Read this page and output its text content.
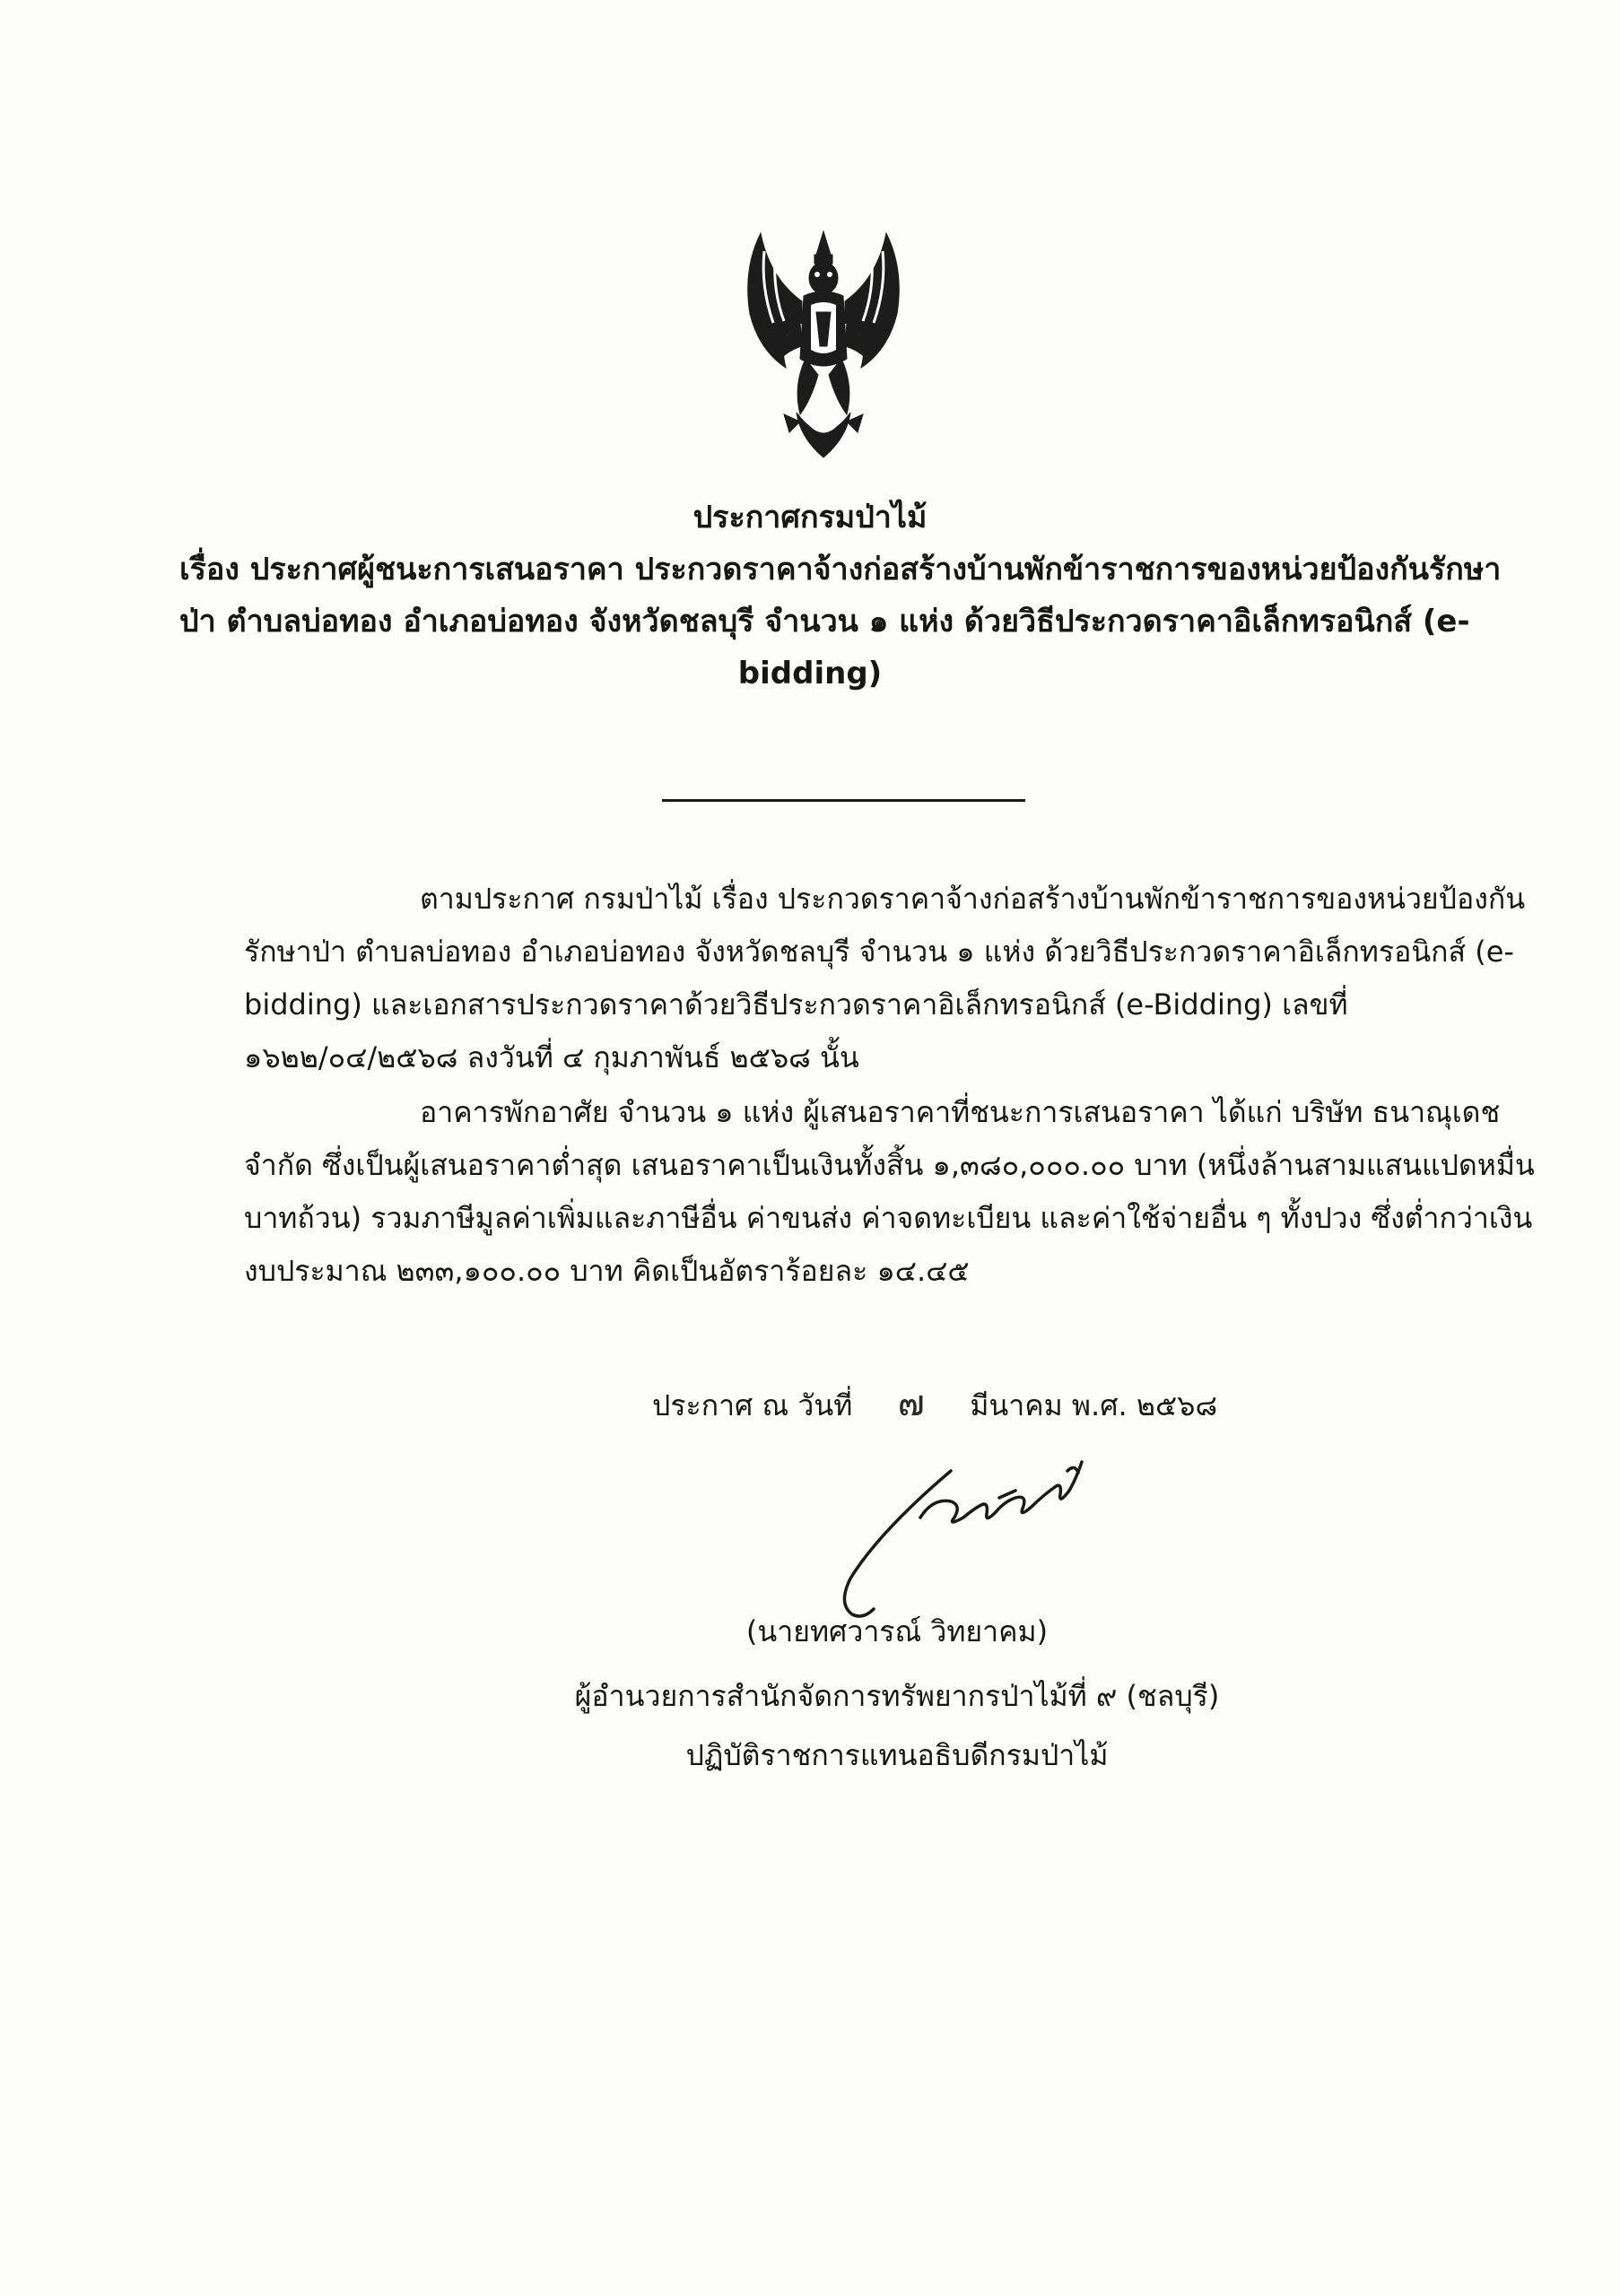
ประกาศกรมป่าไม้
เรื่อง ประกาศผู้ชนะการเสนอราคา ประกวดราคาจ้างก่อสร้างบ้านพักข้าราชการของหน่วยป้องกันรักษา
ป่า ตำบลบ่อทอง อำเภอบ่อทอง จังหวัดชลบุรี จำนวน ๑ แห่ง ด้วยวิธีประกวดราคาอิเล็กทรอนิกส์ (e-
bidding)
ตามประกาศ กรมป่าไม้ เรื่อง ประกวดราคาจ้างก่อสร้างบ้านพักข้าราชการของหน่วยป้องกัน
รักษาป่า ตำบลบ่อทอง อำเภอบ่อทอง จังหวัดชลบุรี จำนวน ๑ แห่ง ด้วยวิธีประกวดราคาอิเล็กทรอนิกส์ (e-
bidding) และเอกสารประกวดราคาด้วยวิธีประกวดราคาอิเล็กทรอนิกส์ (e-Bidding) เลขที่
๑๖๒๒/๐๔/๒๕๖๘ ลงวันที่ ๔ กุมภาพันธ์ ๒๕๖๘ นั้น
อาคารพักอาศัย จำนวน ๑ แห่ง ผู้เสนอราคาที่ชนะการเสนอราคา ได้แก่ บริษัท ธนาณุเดช
จำกัด ซึ่งเป็นผู้เสนอราคาต่ำสุด เสนอราคาเป็นเงินทั้งสิ้น ๑,๓๘๐,๐๐๐.๐๐ บาท (หนึ่งล้านสามแสนแปดหมื่น
บาทถ้วน) รวมภาษีมูลค่าเพิ่มและภาษีอื่น ค่าขนส่ง ค่าจดทะเบียน และค่าใช้จ่ายอื่น ๆ ทั้งปวง ซึ่งต่ำกว่าเงิน
งบประมาณ ๒๓๓,๑๐๐.๐๐ บาท คิดเป็นอัตราร้อยละ ๑๔.๔๕
ประกาศ ณ วันที่ ๗ มีนาคม พ.ศ. ๒๕๖๘
(นายทศวารณ์ วิทยาคม)
ผู้อำนวยการสำนักจัดการทรัพยากรป่าไม้ที่ ๙ (ชลบุรี)
ปฏิบัติราชการแทนอธิบดีกรมป่าไม้
